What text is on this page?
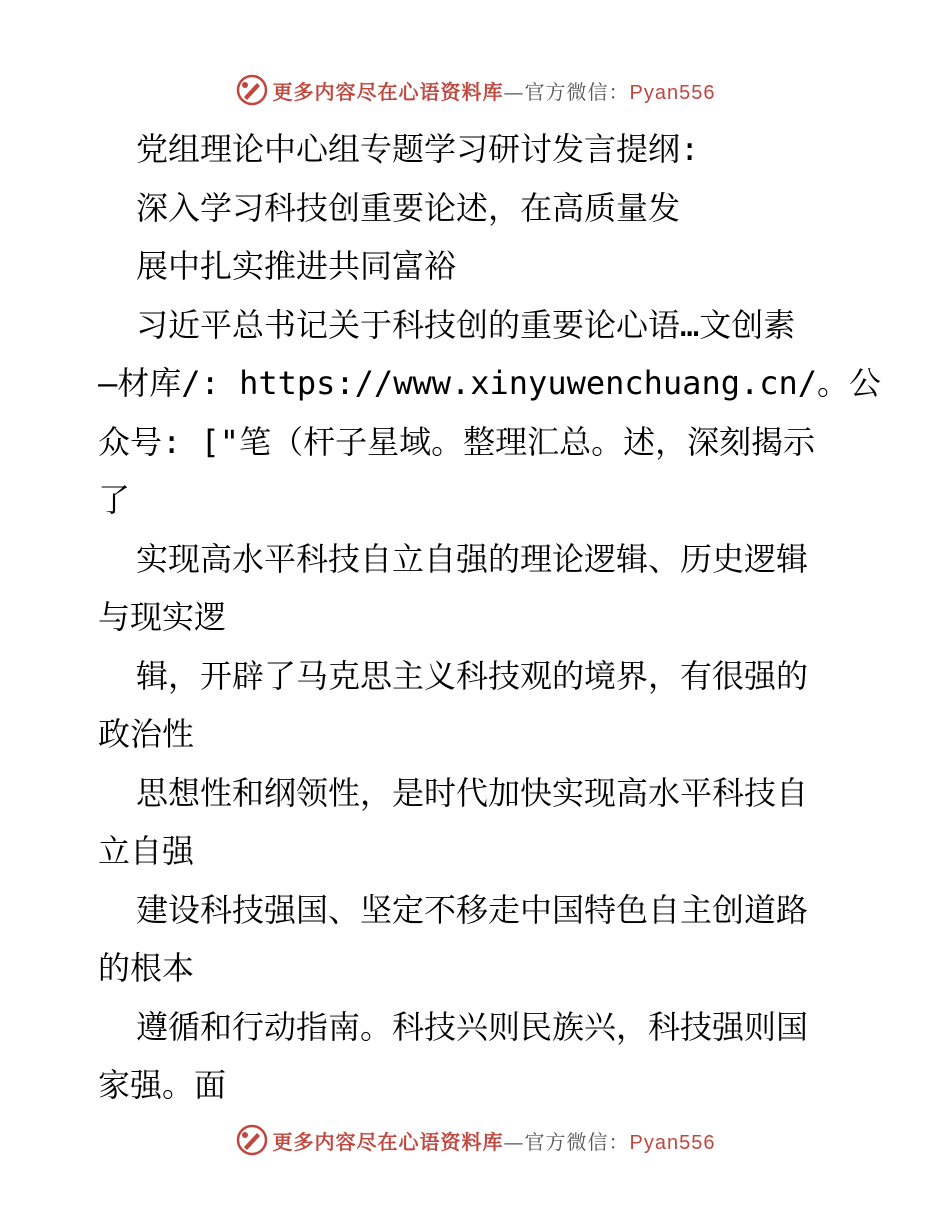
更多内容尽在心语资料库—官方微信：Pyan556
党组理论中心组专题学习研讨发言提纲:
深入学习科技创重要论述，在高质量发
展中扎实推进共同富裕
习近平总书记关于科技创的重要论心语…文创素
—材库/: https://www.xinyuwenchuang.cn/。公
众号: ["笔（杆子星域。整理汇总。述，深刻揭示
了
实现高水平科技自立自强的理论逻辑、历史逻辑
与现实逻
辑，开辟了马克思主义科技观的境界，有很强的
政治性
思想性和纲领性，是时代加快实现高水平科技自
立自强
建设科技强国、坚定不移走中国特色自主创道路
的根本
遵循和行动指南。科技兴则民族兴，科技强则国
家强。面
更多内容尽在心语资料库—官方微信：Pyan556
